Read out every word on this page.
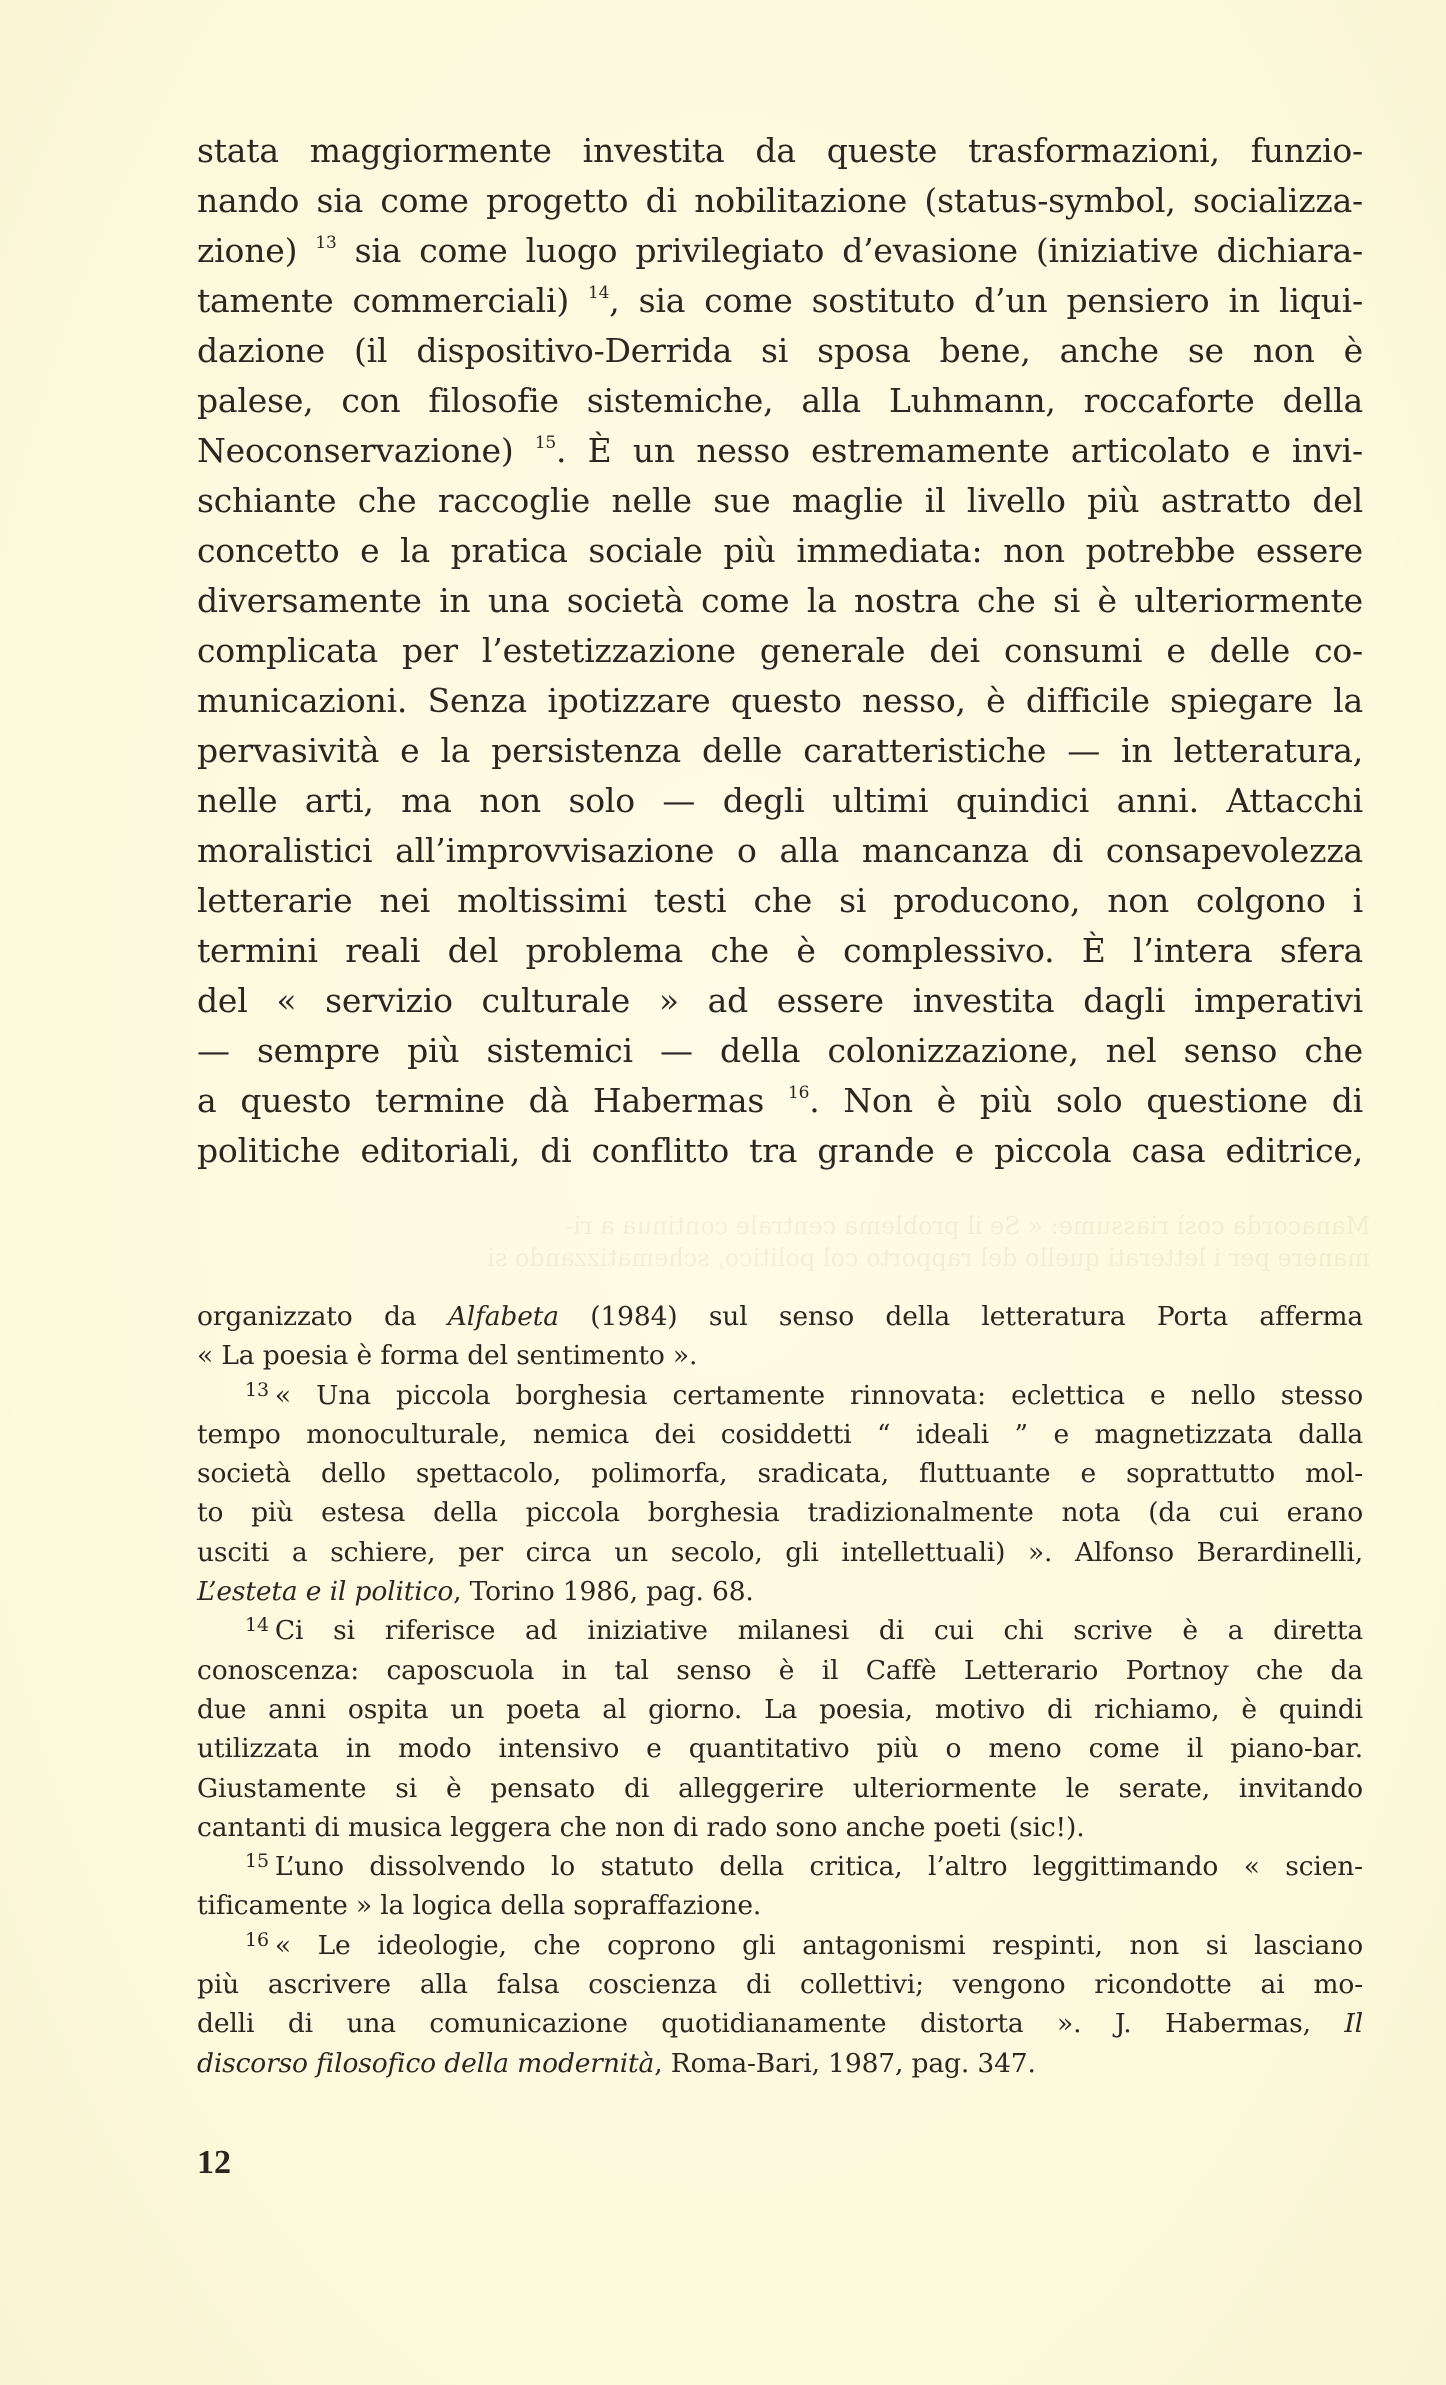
Manacorda così riassume: « Se il problema centrale continua a ri-
manere per i letterati quello del rapporto col politico, schematizzando si
stata maggiormente investita da queste trasformazioni, funzio-
nando sia come progetto di nobilitazione (status-symbol, socializza-
zione) $^{13}$ sia come luogo privilegiato d’evasione (iniziative dichiara-
tamente commerciali) $^{14}$, sia come sostituto d’un pensiero in liqui-
dazione (il dispositivo-Derrida si sposa bene, anche se non è
palese, con filosofie sistemiche, alla Luhmann, roccaforte della
Neoconservazione) $^{15}$. È un nesso estremamente articolato e invi-
schiante che raccoglie nelle sue maglie il livello più astratto del
concetto e la pratica sociale più immediata: non potrebbe essere
diversamente in una società come la nostra che si è ulteriormente
complicata per l’estetizzazione generale dei consumi e delle co-
municazioni. Senza ipotizzare questo nesso, è difficile spiegare la
pervasività e la persistenza delle caratteristiche — in letteratura,
nelle arti, ma non solo — degli ultimi quindici anni. Attacchi
moralistici all’improvvisazione o alla mancanza di consapevolezza
letterarie nei moltissimi testi che si producono, non colgono i
termini reali del problema che è complessivo. È l’intera sfera
del « servizio culturale » ad essere investita dagli imperativi
— sempre più sistemici — della colonizzazione, nel senso che
a questo termine dà Habermas $^{16}$. Non è più solo questione di
politiche editoriali, di conflitto tra grande e piccola casa editrice,
organizzato da Alfabeta (1984) sul senso della letteratura Porta afferma
« La poesia è forma del sentimento ».
$^{13}$ « Una piccola borghesia certamente rinnovata: eclettica e nello stesso
tempo monoculturale, nemica dei cosiddetti “ ideali ” e magnetizzata dalla
società dello spettacolo, polimorfa, sradicata, fluttuante e soprattutto mol-
to più estesa della piccola borghesia tradizionalmente nota (da cui erano
usciti a schiere, per circa un secolo, gli intellettuali) ». Alfonso Berardinelli,
L’esteta e il politico, Torino 1986, pag. 68.
$^{14}$ Ci si riferisce ad iniziative milanesi di cui chi scrive è a diretta
conoscenza: caposcuola in tal senso è il Caffè Letterario Portnoy che da
due anni ospita un poeta al giorno. La poesia, motivo di richiamo, è quindi
utilizzata in modo intensivo e quantitativo più o meno come il piano-bar.
Giustamente si è pensato di alleggerire ulteriormente le serate, invitando
cantanti di musica leggera che non di rado sono anche poeti (sic!).
$^{15}$ L’uno dissolvendo lo statuto della critica, l’altro leggittimando « scien-
tificamente » la logica della sopraffazione.
$^{16}$ « Le ideologie, che coprono gli antagonismi respinti, non si lasciano
più ascrivere alla falsa coscienza di collettivi; vengono ricondotte ai mo-
delli di una comunicazione quotidianamente distorta ». J. Habermas, Il
discorso filosofico della modernità, Roma-Bari, 1987, pag. 347.
12
